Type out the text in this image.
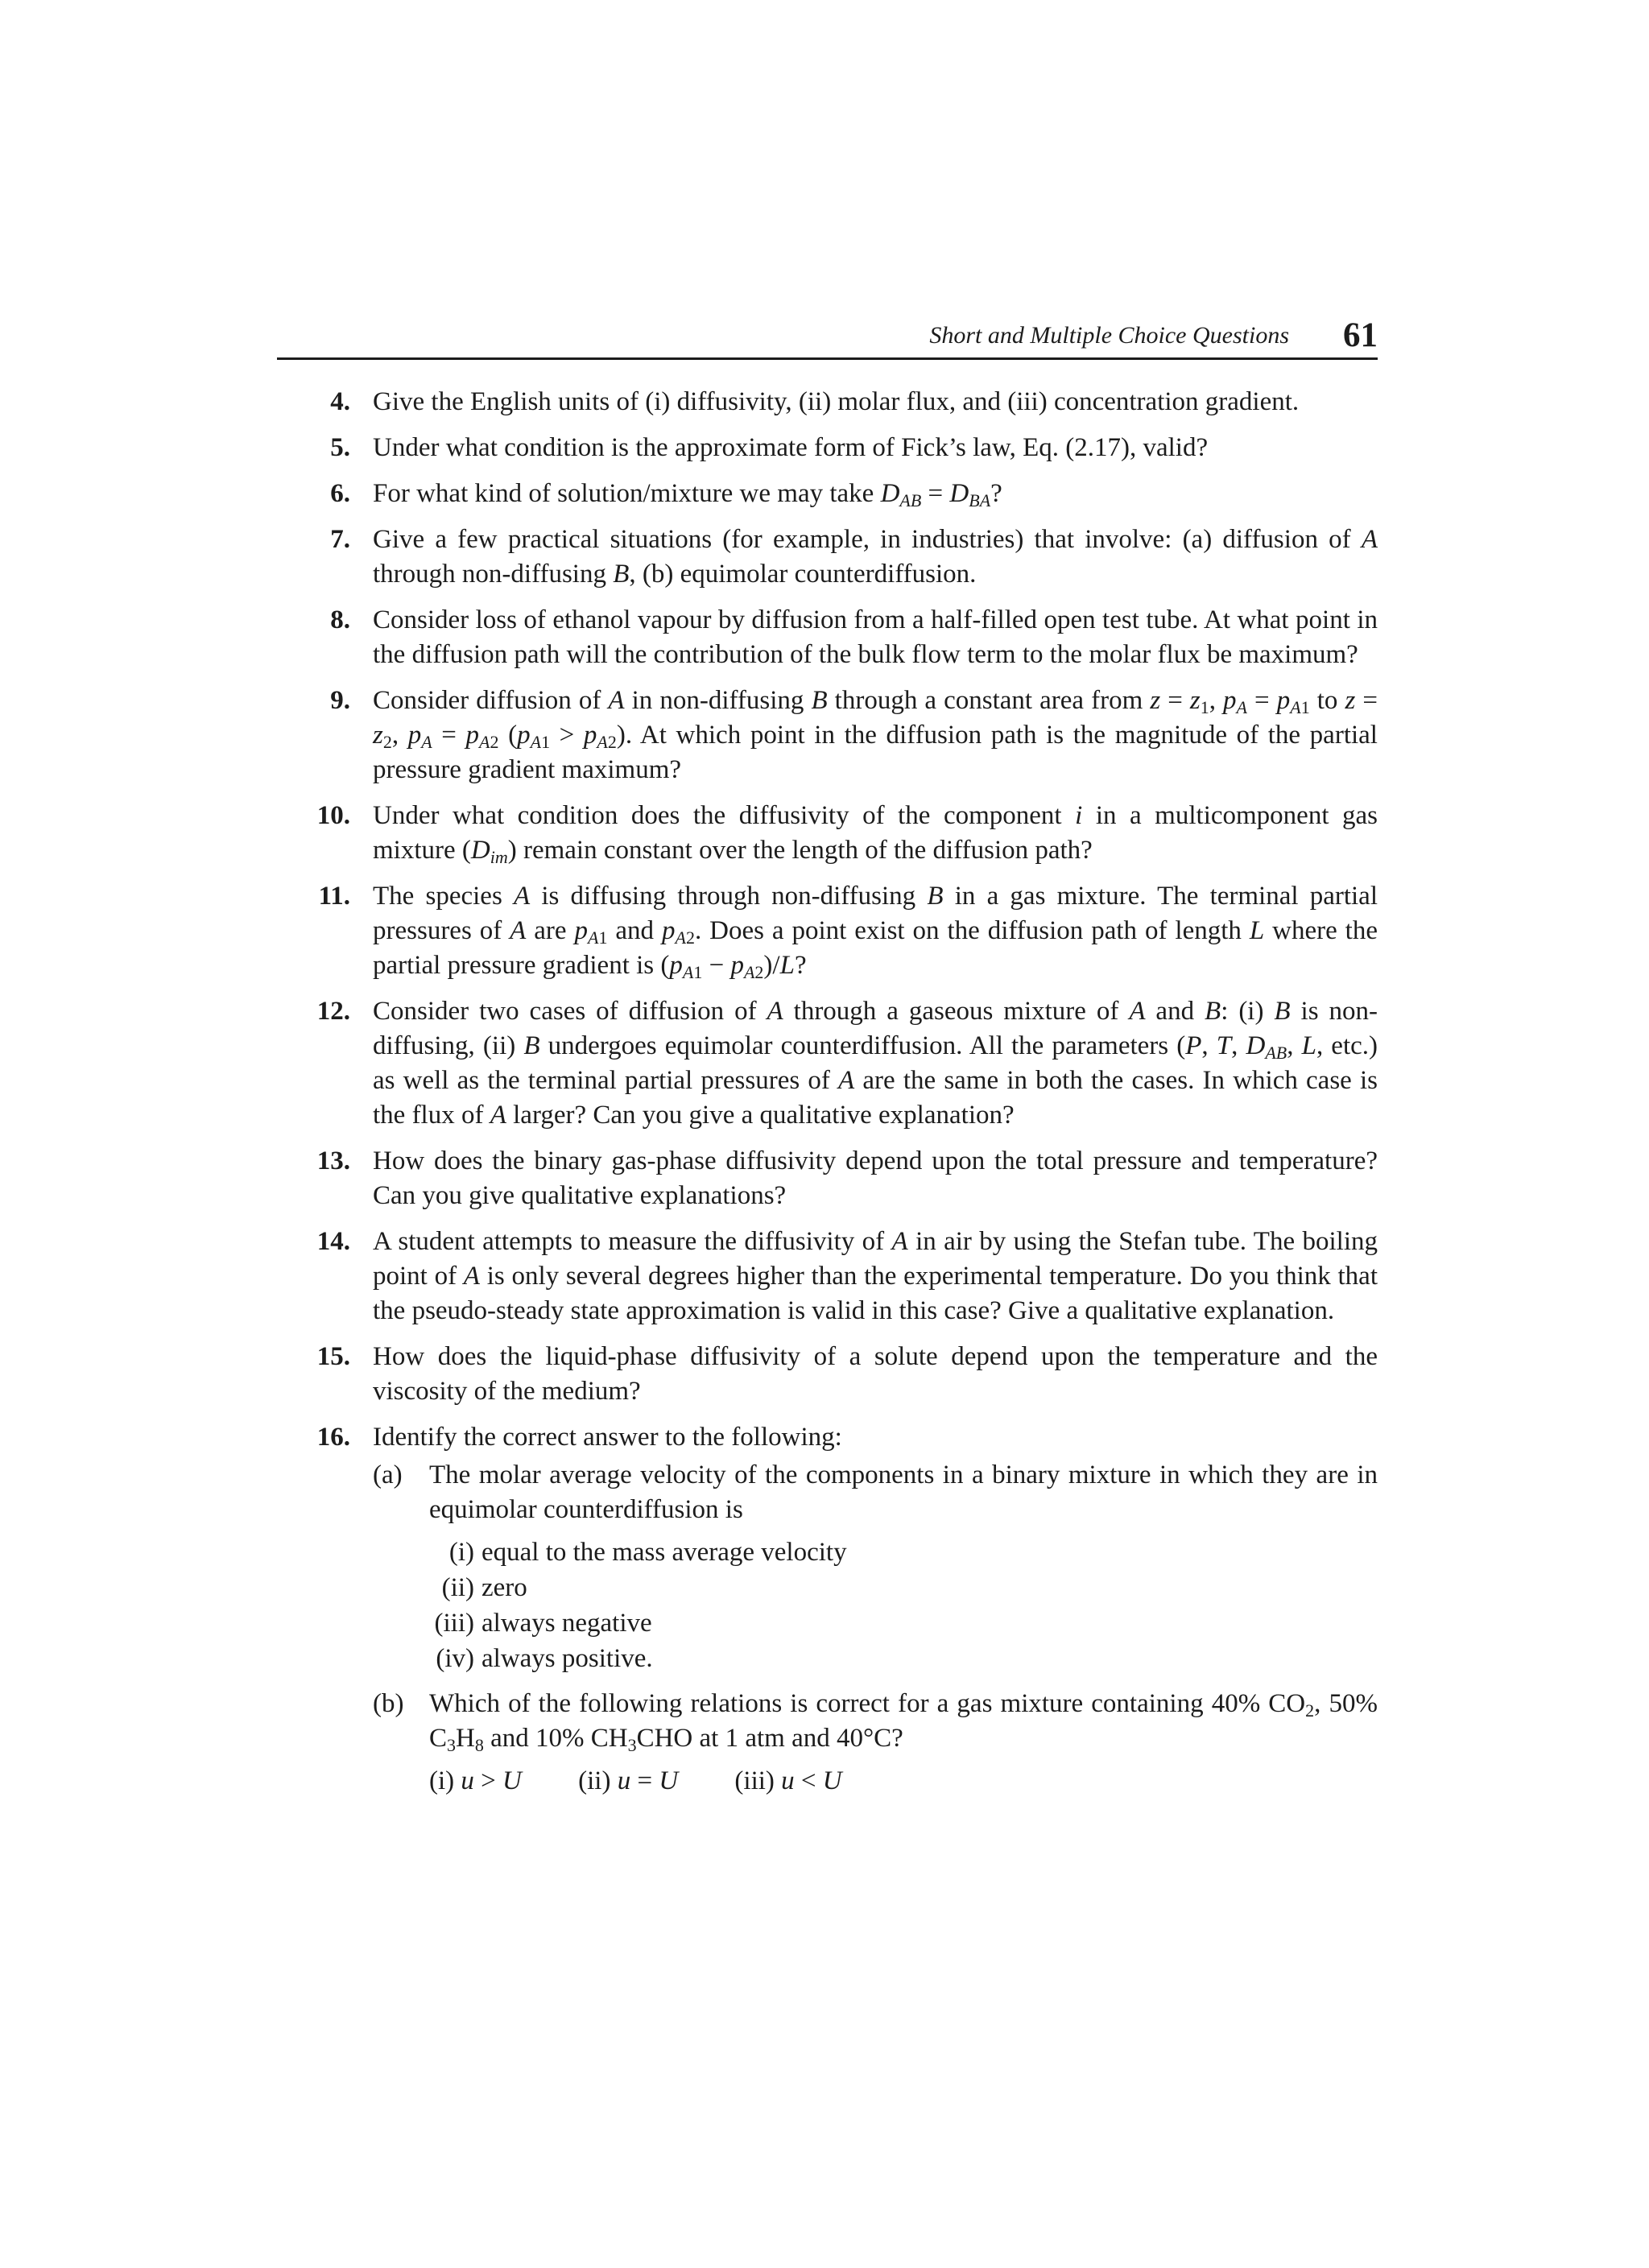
Short and Multiple Choice Questions 61
4. Give the English units of (i) diffusivity, (ii) molar flux, and (iii) concentration gradient.
5. Under what condition is the approximate form of Fick’s law, Eq. (2.17), valid?
6. For what kind of solution/mixture we may take $D_{AB} = D_{BA}$?
7. Give a few practical situations (for example, in industries) that involve: (a) diffusion of A through non-diffusing B, (b) equimolar counterdiffusion.
8. Consider loss of ethanol vapour by diffusion from a half-filled open test tube. At what point in the diffusion path will the contribution of the bulk flow term to the molar flux be maximum?
9. Consider diffusion of A in non-diffusing B through a constant area from $z = z_1$, $p_A = p_{A1}$ to $z = z_2$, $p_A = p_{A2}$ $(p_{A1} > p_{A2})$. At which point in the diffusion path is the magnitude of the partial pressure gradient maximum?
10. Under what condition does the diffusivity of the component i in a multicomponent gas mixture $(D_{im})$ remain constant over the length of the diffusion path?
11. The species A is diffusing through non-diffusing B in a gas mixture. The terminal partial pressures of A are $p_{A1}$ and $p_{A2}$. Does a point exist on the diffusion path of length L where the partial pressure gradient is $(p_{A1} - p_{A2})/L$?
12. Consider two cases of diffusion of A through a gaseous mixture of A and B: (i) B is non-diffusing, (ii) B undergoes equimolar counterdiffusion. All the parameters (P, T, $D_{AB}$, L, etc.) as well as the terminal partial pressures of A are the same in both the cases. In which case is the flux of A larger? Can you give a qualitative explanation?
13. How does the binary gas-phase diffusivity depend upon the total pressure and temperature? Can you give qualitative explanations?
14. A student attempts to measure the diffusivity of A in air by using the Stefan tube. The boiling point of A is only several degrees higher than the experimental temperature. Do you think that the pseudo-steady state approximation is valid in this case? Give a qualitative explanation.
15. How does the liquid-phase diffusivity of a solute depend upon the temperature and the viscosity of the medium?
16. Identify the correct answer to the following:
(a) The molar average velocity of the components in a binary mixture in which they are in equimolar counterdiffusion is
(i) equal to the mass average velocity
(ii) zero
(iii) always negative
(iv) always positive.
(b) Which of the following relations is correct for a gas mixture containing 40% $CO_2$, 50% $C_3H_8$ and 10% $CH_3CHO$ at 1 atm and 40°C?
(i) u > U (ii) u = U (iii) u < U
